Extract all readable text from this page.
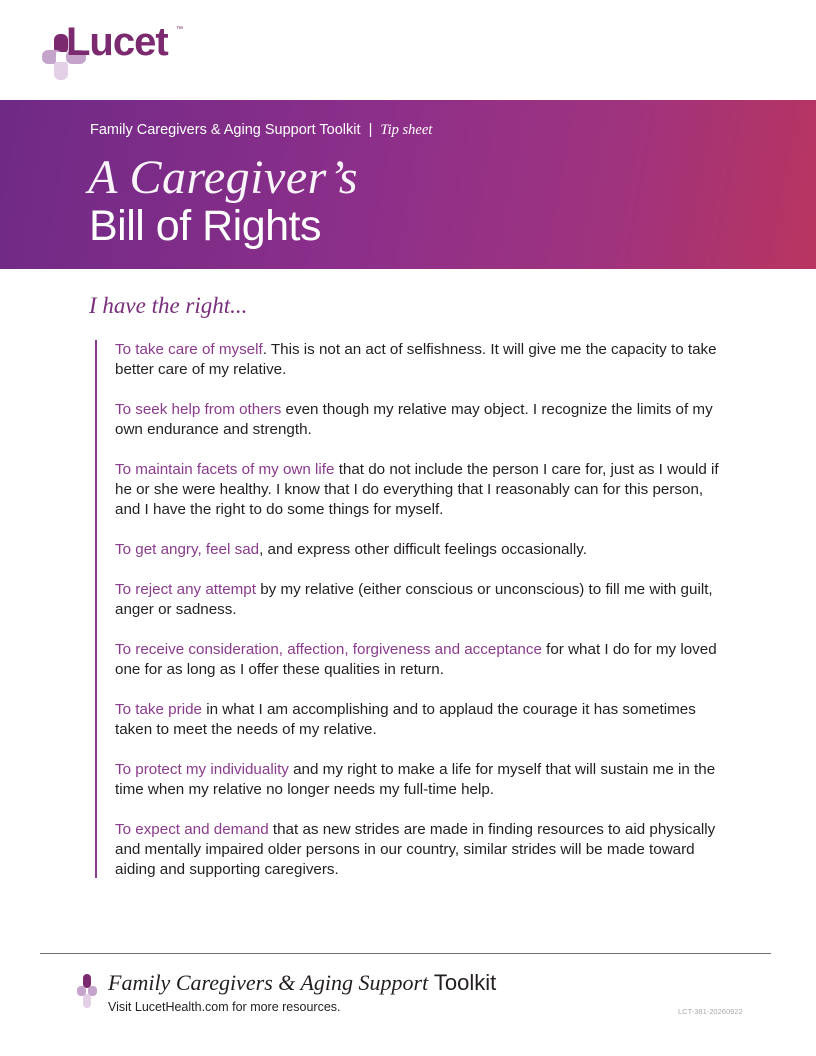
Lucet ™
Family Caregivers & Aging Support Toolkit | Tip sheet
A Caregiver’s
Bill of Rights
I have the right...
To take care of myself. This is not an act of selfishness. It will give me the capacity to take better care of my relative.
To seek help from others even though my relative may object. I recognize the limits of my own endurance and strength.
To maintain facets of my own life that do not include the person I care for, just as I would if he or she were healthy. I know that I do everything that I reasonably can for this person, and I have the right to do some things for myself.
To get angry, feel sad, and express other difficult feelings occasionally.
To reject any attempt by my relative (either conscious or unconscious) to fill me with guilt, anger or sadness.
To receive consideration, affection, forgiveness and acceptance for what I do for my loved one for as long as I offer these qualities in return.
To take pride in what I am accomplishing and to applaud the courage it has sometimes taken to meet the needs of my relative.
To protect my individuality and my right to make a life for myself that will sustain me in the time when my relative no longer needs my full-time help.
To expect and demand that as new strides are made in finding resources to aid physically and mentally impaired older persons in our country, similar strides will be made toward aiding and supporting caregivers.
Family Caregivers & Aging Support Toolkit
Visit LucetHealth.com for more resources.	LCT-381-20260922
